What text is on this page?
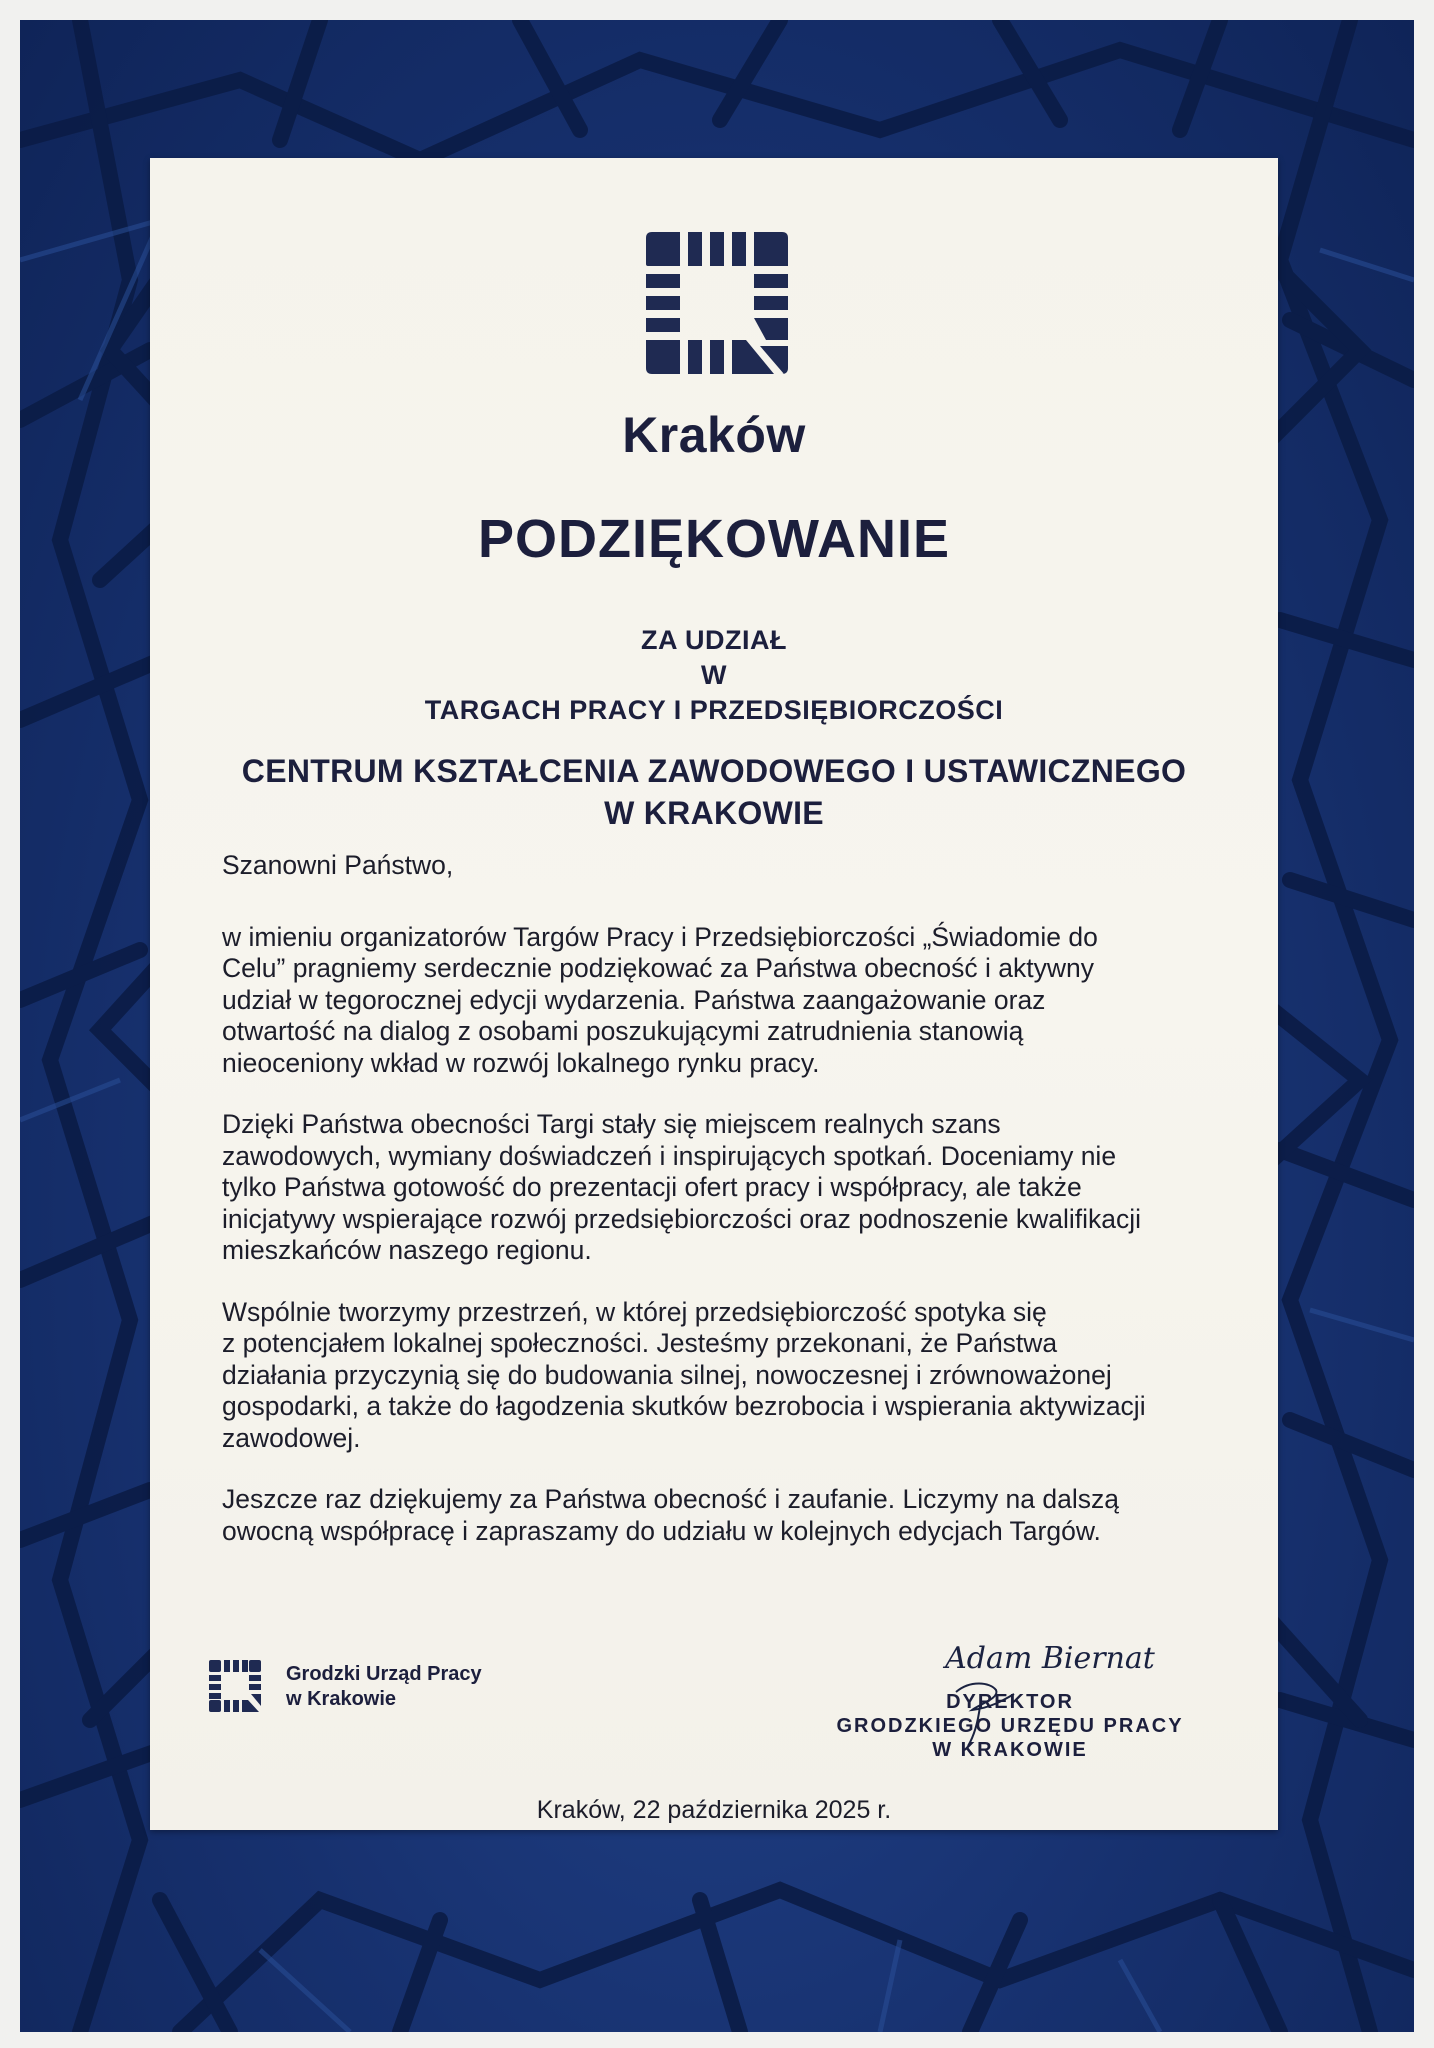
Kraków
PODZIĘKOWANIE
ZA UDZIAŁ
W
TARGACH PRACY I PRZEDSIĘBIORCZOŚCI
CENTRUM KSZTAŁCENIA ZAWODOWEGO I USTAWICZNEGO
W KRAKOWIE

Szanowni Państwo,

w imieniu organizatorów Targów Pracy i Przedsiębiorczości „Świadomie do
Celu” pragniemy serdecznie podziękować za Państwa obecność i aktywny
udział w tegorocznej edycji wydarzenia. Państwa zaangażowanie oraz
otwartość na dialog z osobami poszukującymi zatrudnienia stanowią
nieoceniony wkład w rozwój lokalnego rynku pracy.

Dzięki Państwa obecności Targi stały się miejscem realnych szans
zawodowych, wymiany doświadczeń i inspirujących spotkań. Doceniamy nie
tylko Państwa gotowość do prezentacji ofert pracy i współpracy, ale także
inicjatywy wspierające rozwój przedsiębiorczości oraz podnoszenie kwalifikacji
mieszkańców naszego regionu.

Wspólnie tworzymy przestrzeń, w której przedsiębiorczość spotyka się
z potencjałem lokalnej społeczności. Jesteśmy przekonani, że Państwa
działania przyczynią się do budowania silnej, nowoczesnej i zrównoważonej
gospodarki, a także do łagodzenia skutków bezrobocia i wspierania aktywizacji
zawodowej.

Jeszcze raz dziękujemy za Państwa obecność i zaufanie. Liczymy na dalszą
owocną współpracę i zapraszamy do udziału w kolejnych edycjach Targów.

Grodzki Urząd Pracy
w Krakowie
Adam Biernat
DYREKTOR
GRODZKIEGO URZĘDU PRACY
W KRAKOWIE
Kraków, 22 października 2025 r.
